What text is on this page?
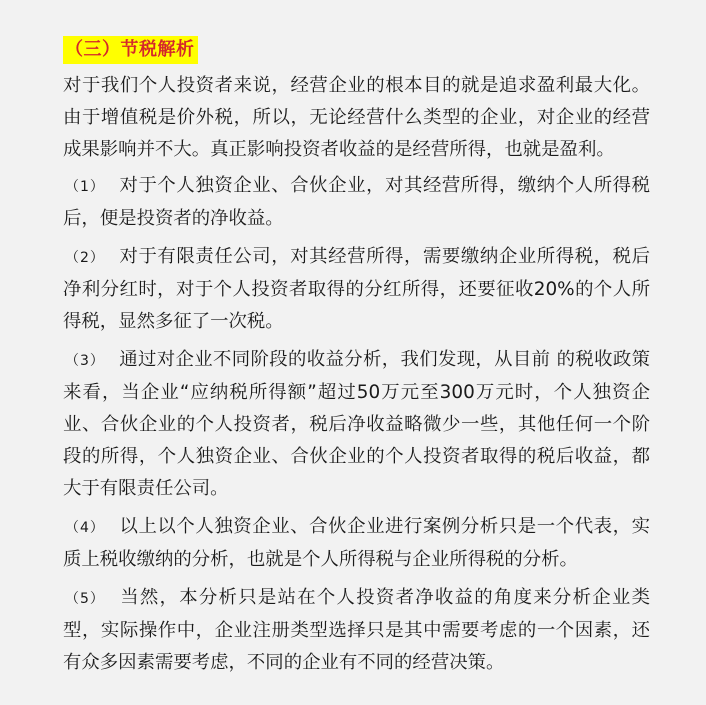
（三）节税解析

对于我们个人投资者来说，经营企业的根本目的就是追求盈利最大化。由于增值税是价外税，所以，无论经营什么类型的企业，对企业的经营成果影响并不大。真正影响投资者收益的是经营所得，也就是盈利。

（1） 对于个人独资企业、合伙企业，对其经营所得，缴纳个人所得税后，便是投资者的净收益。

（2） 对于有限责任公司，对其经营所得，需要缴纳企业所得税，税后净利分红时，对于个人投资者取得的分红所得，还要征收20%的个人所得税，显然多征了一次税。

（3） 通过对企业不同阶段的收益分析，我们发现，从目前 的税收政策来看，当企业“应纳税所得额”超过50万元至300万元时，个人独资企业、合伙企业的个人投资者，税后净收益略微少一些，其他任何一个阶段的所得，个人独资企业、合伙企业的个人投资者取得的税后收益，都大于有限责任公司。

（4） 以上以个人独资企业、合伙企业进行案例分析只是一个代表，实质上税收缴纳的分析，也就是个人所得税与企业所得税的分析。

（5） 当然，本分析只是站在个人投资者净收益的角度来分析企业类型，实际操作中，企业注册类型选择只是其中需要考虑的一个因素，还有众多因素需要考虑，不同的企业有不同的经营决策。
